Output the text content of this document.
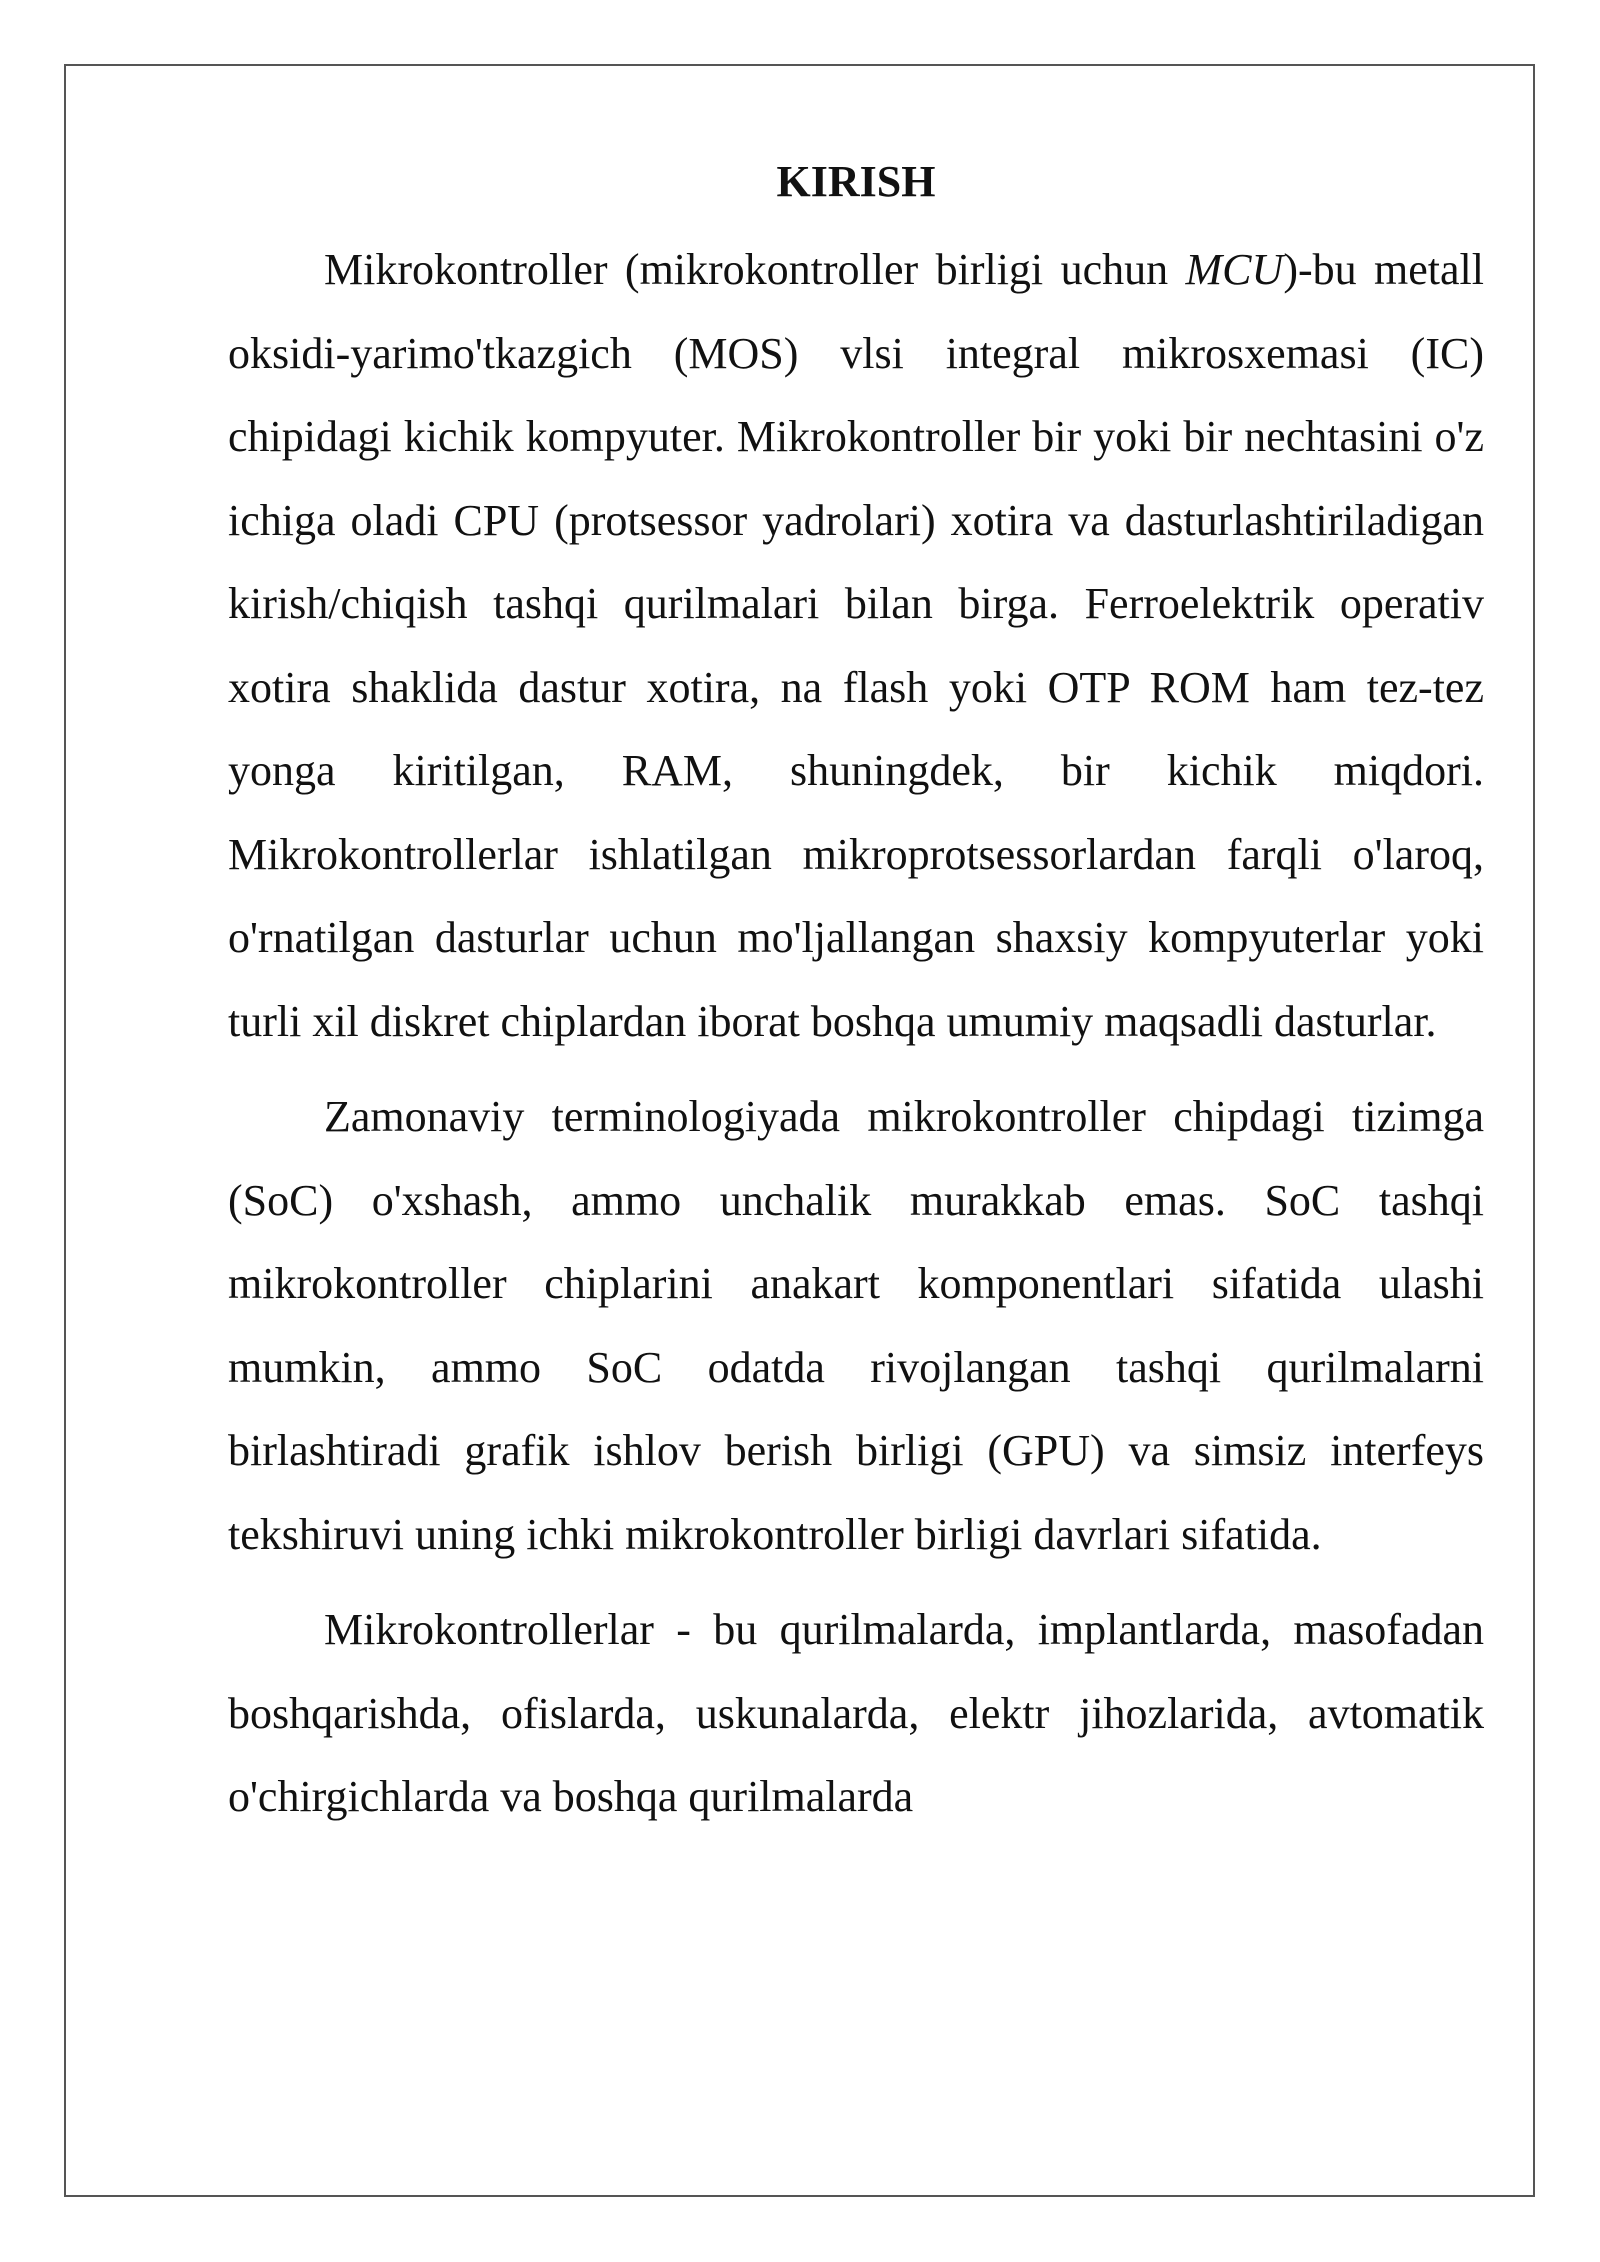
KIRISH

Mikrokontroller (mikrokontroller birligi uchun MCU)-bu metall oksidi-yarimo'tkazgich (MOS) vlsi integral mikrosxemasi (IC) chipidagi kichik kompyuter. Mikrokontroller bir yoki bir nechtasini o'z ichiga oladi CPU (protsessor yadrolari) xotira va dasturlashtiriladigan kirish/chiqish tashqi qurilmalari bilan birga. Ferroelektrik operativ xotira shaklida dastur xotira, na flash yoki OTP ROM ham tez-tez yonga kiritilgan, RAM, shuningdek, bir kichik miqdori. Mikrokontrollerlar ishlatilgan mikroprotsessorlardan farqli o'laroq, o'rnatilgan dasturlar uchun mo'ljallangan shaxsiy kompyuterlar yoki turli xil diskret chiplardan iborat boshqa umumiy maqsadli dasturlar.

Zamonaviy terminologiyada mikrokontroller chipdagi tizimga (SoC) o'xshash, ammo unchalik murakkab emas. SoC tashqi mikrokontroller chiplarini anakart komponentlari sifatida ulashi mumkin, ammo SoC odatda rivojlangan tashqi qurilmalarni birlashtiradi grafik ishlov berish birligi (GPU) va simsiz interfeys tekshiruvi uning ichki mikrokontroller birligi davrlari sifatida.

Mikrokontrollerlar - bu qurilmalarda, implantlarda, masofadan boshqarishda, ofislarda, uskunalarda, elektr jihozlarida, avtomatik o'chirgichlarda va boshqa qurilmalarda
